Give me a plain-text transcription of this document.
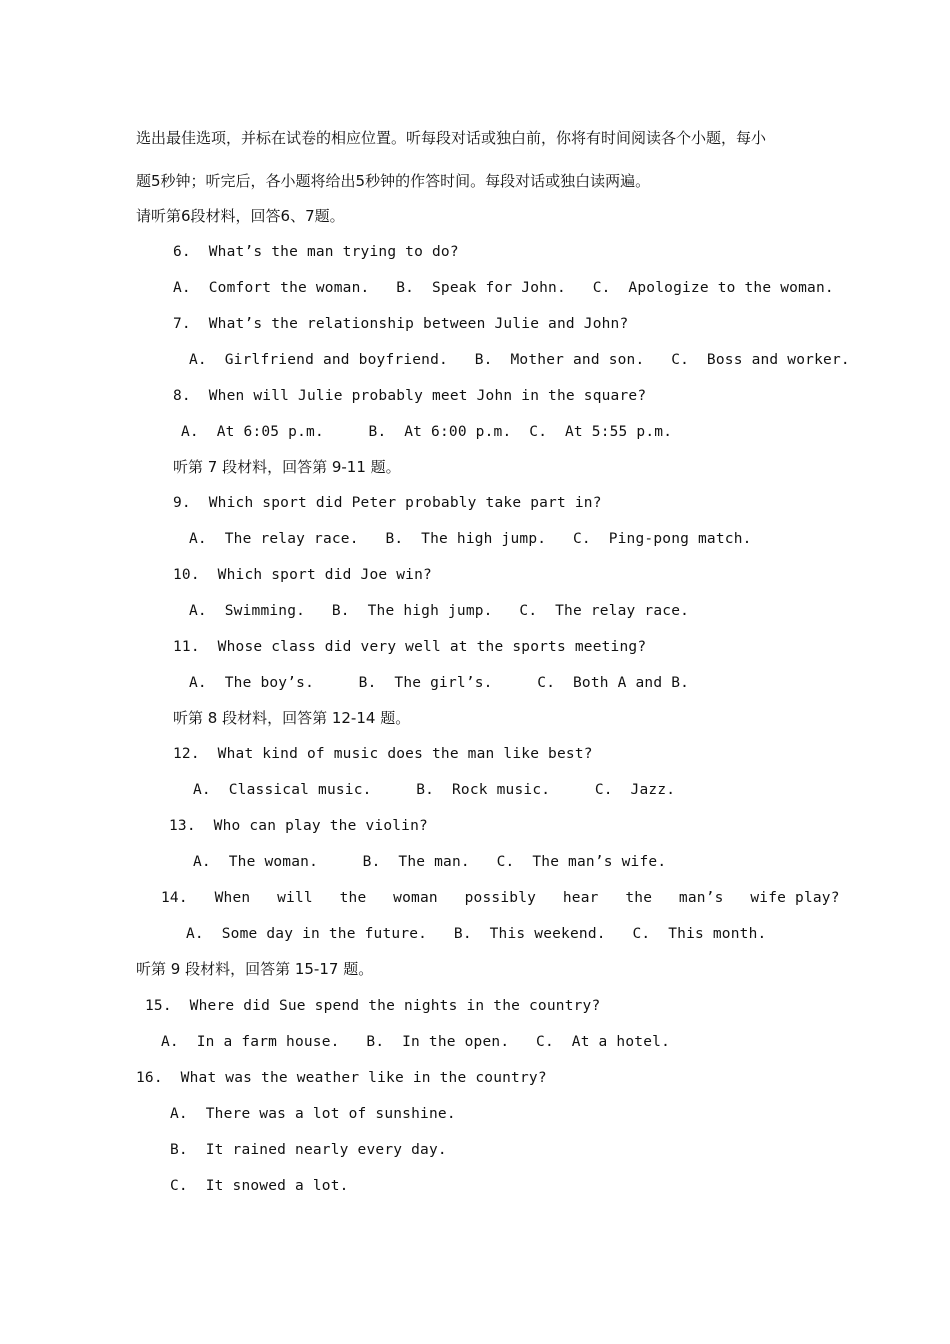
选出最佳选项，并标在试卷的相应位置。听每段对话或独白前，你将有时间阅读各个小题，每小
题5秒钟；听完后，各小题将给出5秒钟的作答时间。每段对话或独白读两遍。
请听第6段材料，回答6、7题。
6.  What’s the man trying to do?
A.  Comfort the woman.   B.  Speak for John.   C.  Apologize to the woman.
7.  What’s the relationship between Julie and John?
A.  Girlfriend and boyfriend.   B.  Mother and son.   C.  Boss and worker.
8.  When will Julie probably meet John in the square?
A.  At 6:05 p.m.     B.  At 6:00 p.m.  C.  At 5:55 p.m.
听第 7 段材料，回答第 9-11 题。
9.  Which sport did Peter probably take part in?
A.  The relay race.   B.  The high jump.   C.  Ping-pong match.
10.  Which sport did Joe win?
A.  Swimming.   B.  The high jump.   C.  The relay race.
11.  Whose class did very well at the sports meeting?
A.  The boy’s.     B.  The girl’s.     C.  Both A and B.
听第 8 段材料，回答第 12-14 题。
12.  What kind of music does the man like best?
A.  Classical music.     B.  Rock music.     C.  Jazz.
13.  Who can play the violin?
A.  The woman.     B.  The man.   C.  The man’s wife.
14.   When   will   the   woman   possibly   hear   the   man’s   wife play?
A.  Some day in the future.   B.  This weekend.   C.  This month.
听第 9 段材料，回答第 15-17 题。
15.  Where did Sue spend the nights in the country?
A.  In a farm house.   B.  In the open.   C.  At a hotel.
16.  What was the weather like in the country?
A.  There was a lot of sunshine.
B.  It rained nearly every day.
C.  It snowed a lot.
